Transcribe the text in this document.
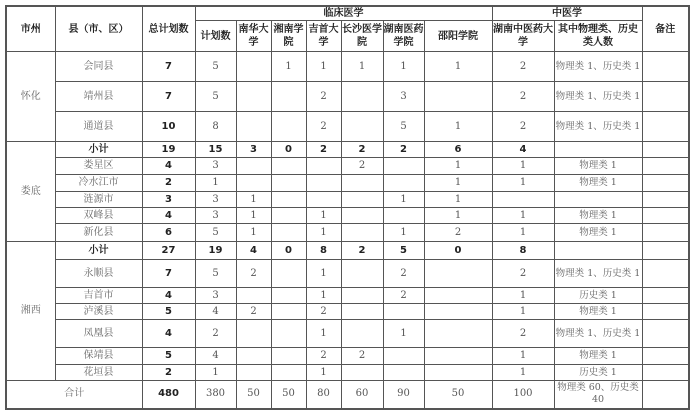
市州	县（市、区）	总计划数	临床医学							中医学		备注
			计划数	南华大学	湘南学院	吉首大学	长沙医学院	湖南医药学院	邵阳学院	湖南中医药大学	其中物理类、历史类人数	
怀化	会同县	7	5		1	1	1	1	1	2	物理类 1、历史类 1	
	靖州县	7	5			2		3		2	物理类 1、历史类 1	
	通道县	10	8			2		5	1	2	物理类 1、历史类 1	
娄底	小计	19	15	3	0	2	2	2	6	4		
	娄星区	4	3				2		1	1	物理类 1	
	冷水江市	2	1						1	1	物理类 1	
	涟源市	3	3	1				1	1			
	双峰县	4	3	1		1			1	1	物理类 1	
	新化县	6	5	1		1		1	2	1	物理类 1	
湘西	小计	27	19	4	0	8	2	5	0	8		
	永顺县	7	5	2		1		2		2	物理类 1、历史类 1	
	吉首市	4	3			1		2		1	历史类 1	
	泸溪县	5	4	2		2				1	物理类 1	
	凤凰县	4	2			1		1		2	物理类 1、历史类 1	
	保靖县	5	4			2	2			1	物理类 1	
	花垣县	2	1			1				1	历史类 1	
合计		480	380	50	50	80	60	90	50	100	物理类 60、历史类 40	
